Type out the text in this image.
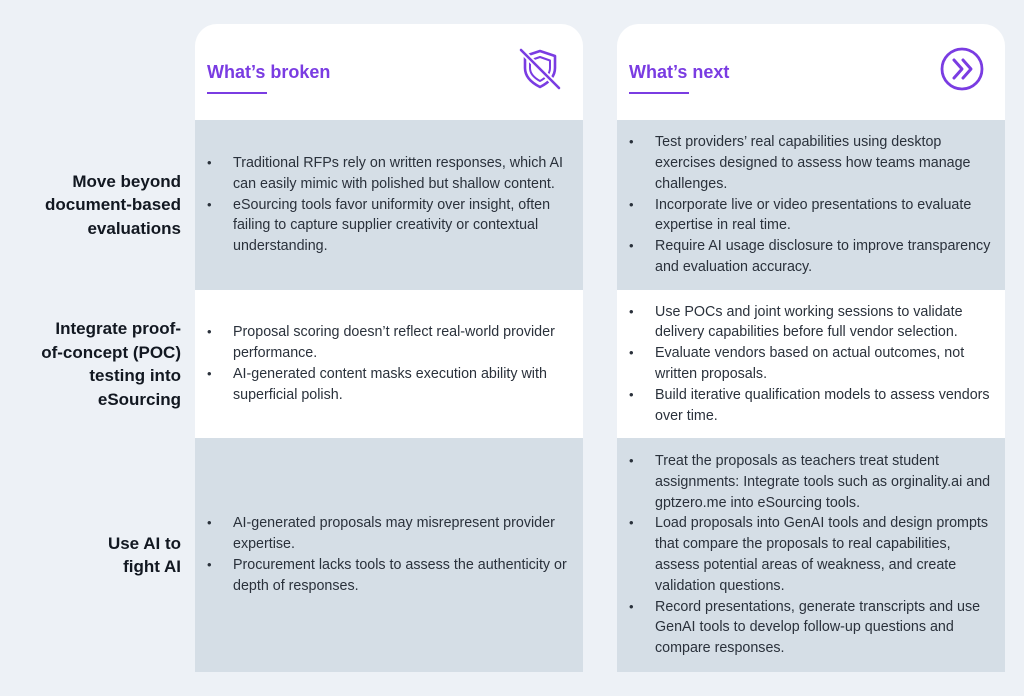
Move beyond
document-based
evaluations
Integrate proof-
of-concept (POC)
testing into
eSourcing
Use AI to
fight AI
What’s broken
• Traditional RFPs rely on written responses, which AI can easily mimic with polished but shallow content.
• eSourcing tools favor uniformity over insight, often failing to capture supplier creativity or contextual understanding.
• Proposal scoring doesn’t reflect real-world provider performance.
• AI-generated content masks execution ability with superficial polish.
• AI-generated proposals may misrepresent provider expertise.
• Procurement lacks tools to assess the authenticity or depth of responses.
What’s next
• Test providers’ real capabilities using desktop exercises designed to assess how teams manage challenges.
• Incorporate live or video presentations to evaluate expertise in real time.
• Require AI usage disclosure to improve transparency and evaluation accuracy.
• Use POCs and joint working sessions to validate delivery capabilities before full vendor selection.
• Evaluate vendors based on actual outcomes, not written proposals.
• Build iterative qualification models to assess vendors over time.
• Treat the proposals as teachers treat student assignments: Integrate tools such as orginality.ai and gptzero.me into eSourcing tools.
• Load proposals into GenAI tools and design prompts that compare the proposals to real capabilities, assess potential areas of weakness, and create validation questions.
• Record presentations, generate transcripts and use GenAI tools to develop follow-up questions and compare responses.
